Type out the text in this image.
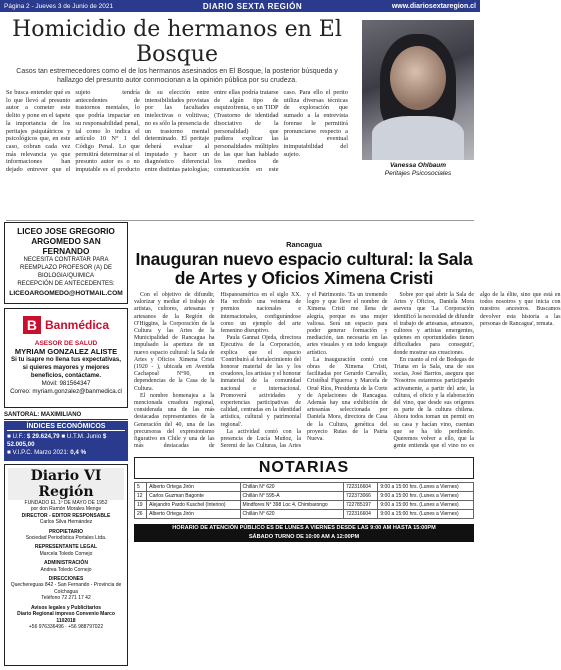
Página 2 - Jueves 3 de Junio de 2021	DIARIO SEXTA REGIÓN	www.diariosextaregion.cl
Homicidio de hermanos en El Bosque
Casos tan estremecedores como el de los hermanos asesinados en El Bosque, la posterior búsqueda y hallazgo del presunto autor conmocionan a la opinión pública por su crudeza.
Se busca entender qué es lo que llevó al presunto autor a cometer este delito y pone en el tapete la importancia de los peritajes psiquiátricos y psicológicos que, en este caso, cobran cada vez más relevancia ya que informaciones han dejado entrever que el sujeto tendría antecedentes de trastornos mentales, lo que podría impactar en su responsabilidad penal, tal como lo indica el artículo 10 N° 1 del Código Penal. Lo que permitirá determinar si el presunto autor es o no imputable es el producto de su elección entre intensibilidades provistas por las facultades intelectivas o volitivas; no es sólo la presencia de un trastorno mental determinado. El peritaje deberá evaluar al imputado y hacer un diagnóstico diferencial entre distintas patologías; entre ellas podría tratarse de algún tipo de esquizofrenia, o un TIDP (Trastorno de identidad disociativo de la personalidad) que pudiera explicar las personalidades múltiples de las que han hablado los medios de comunicación en este caso. Para ello el perito utiliza diversas técnicas de exploración que sumado a la entrevista forense le permitirá pronunciarse respecto a la eventual inimputabilidad del sujeto.
Vanessa Ohlbaum
Peritajes Psicosociales
LICEO JOSE GREGORIO ARGOMEDO SAN FERNANDO
NECESITA CONTRATAR PARA REEMPLAZO PROFESOR (A) DE BIOLOGIA/QUIMICA
RECEPCIÓN DE ANTECEDENTES:
LICEOARGOMEDO@HOTMAIL.COM
B Banmédica
ASESOR DE SALUD
MYRIAM GONZALEZ ALISTE
Si tu isapre no llena tus expectativas, si quieres mayores y mejores beneficios, contáctame.
Móvil: 981564347
Correo: myriam.gonzalez@banmedica.cl
SANTORAL: MAXIMILIANO
ÍNDICES ECONÓMICOS
■ U.F.: $ 29.624,79 ■ U.T.M. Junio $ 52.005,00
■ V.I.P.C. Marzo 2021: 0,4 %
Diario VI Región
FUNDADO EL 1º DE MAYO DE 1952
por don Ramón Morales Menge
DIRECTOR - EDITOR RESPONSABLE
Carlos Silva Hernández
PROPIETARIO
Sociedad Periodística Portales Ltda.
REPRESENTANTE LEGAL
Marcela Toledo Cornejo
ADMINISTRACIÓN
Andrea Toledo Cornejo
DIRECCIONES
Quechereguas 842 - San Fernando - Provincia de Colchagua
Teléfono 72 271 17 42
Avisos legales y Publicitarios
Diario Regional impreso Convenio Marco 1102018
+56 976336496 · +56 988797022
Rancagua
Inauguran nuevo espacio cultural: la Sala de Artes y Oficios Ximena Cristi

Con el objetivo de difundir, valorizar y mediar el trabajo de artistas, cultores, artesanas y artesanos de la Región de O'Higgins, la Corporación de la Cultura y las Artes de la Municipalidad de Rancagua ha impulsado la apertura de un nuevo espacio cultural: la Sala de Artes y Oficios Ximena Cristi (1920 - ), ubicada en Avenida Cachapoal N°90, en dependencias de la Casa de la Cultura.

El nombre homenajea a la mencionada creadora regional, considerada una de las más destacadas representantes de la Generación del 40, una de las precursoras del expresionismo figurativo en Chile y una de las más destacadas de Hispanoamérica en el siglo XX. Ha recibido una veintena de premios nacionales e internacionales, configurándose como un ejemplo del arte femenino disruptivo.

Paula Gannat Ojeda, directora Ejecutiva de la Corporación, explica que el espacio 'Contribuirá al fortalecimiento del honorar material de las y los creadores, los artistas y el honorar inmaterial de la comunidad nacional e internacional. Promoverá actividades y experiencias participativas de calidad, centradas en la identidad artística, cultural y patrimonial regional'.

La actividad contó con la presencia de Lucía Muñoz, la Seremi de las Culturas, las Artes y el Patrimonio. 'Es un tremendo logro y que lleve el nombre de Ximena Cristi me llena de alegría, porque es una mujer valiosa. Será un espacio para poder generar formación y mediación, tan necesaria en las artes visuales y en todo lenguaje artístico.

La inauguración contó con obras de Ximena Cristi, facilitadas por Gerardo Carvallo, Cristóbal Figueroa y Marcela de Orué Ríos, Presidenta de la Corte de Apelaciones de Rancagua. Además hay una exhibición de artesanías seleccionada por Daniela Mora, directora de Casa de la Cultura, genética del proyecto Rutas de la Patria Nueva.

Sobre por qué abrir la Sala de Artes y Oficios, Daniela Mora asevera que 'La Corporación identificó la necesidad de difundir el trabajo de artesanas, artesanos, cultores y artistas emergentes, quienes en oportunidades tienen dificultades para conseguir', donde mostrar sus creaciones.

En cuanto al rol de Bodegas de Triana en la Sala, una de sus socias, José Barrios, asegura que 'Nosotros estaremos participando activamente, a partir del arte, la cultura, el oficio y la elaboración del vino, que desde sus orígenes es parte de la cultura chilena. Ahora todos toman un permit en su casa y hacían vino, cuentan que se ha ido perdiendo. Queremos volver a ello, que la gente entienda que el vino no es algo de la élite, sino que está en todos nosotros y que inicia con nuestros ancestros. Buscamos devolver esta historia a las personas de Rancagua', remata.

NOTARIAS
5	Alberto Ortega Jirón	Chillán N° 620	722316604	9:00 a 15:00 hrs. (Lunes a Viernes)
12	Carlos Guzman Bagonte	Chillán N° 595-A	722373066	9:00 a 15:00 hrs. (Lunes a Viernes)
19	Alejandro Pardo Kuschel (Interino)	Mindfores N° 398 Loc 4, Chimbarongo	722785197	9:00 a 15:00 hrs. (Lunes a Viernes)
26	Alberto Ortega Jirón	Chillán N° 620	722316604	9:00 a 15:00 hrs. (Lunes a Viernes)
HORARIO DE ATENCIÓN PÚBLICO ES DE LUNES A VIERNES DESDE LAS 9:00 AM HASTA 15:00PM
SÁBADO TURNO DE 10:00 AM A 12:00PM
